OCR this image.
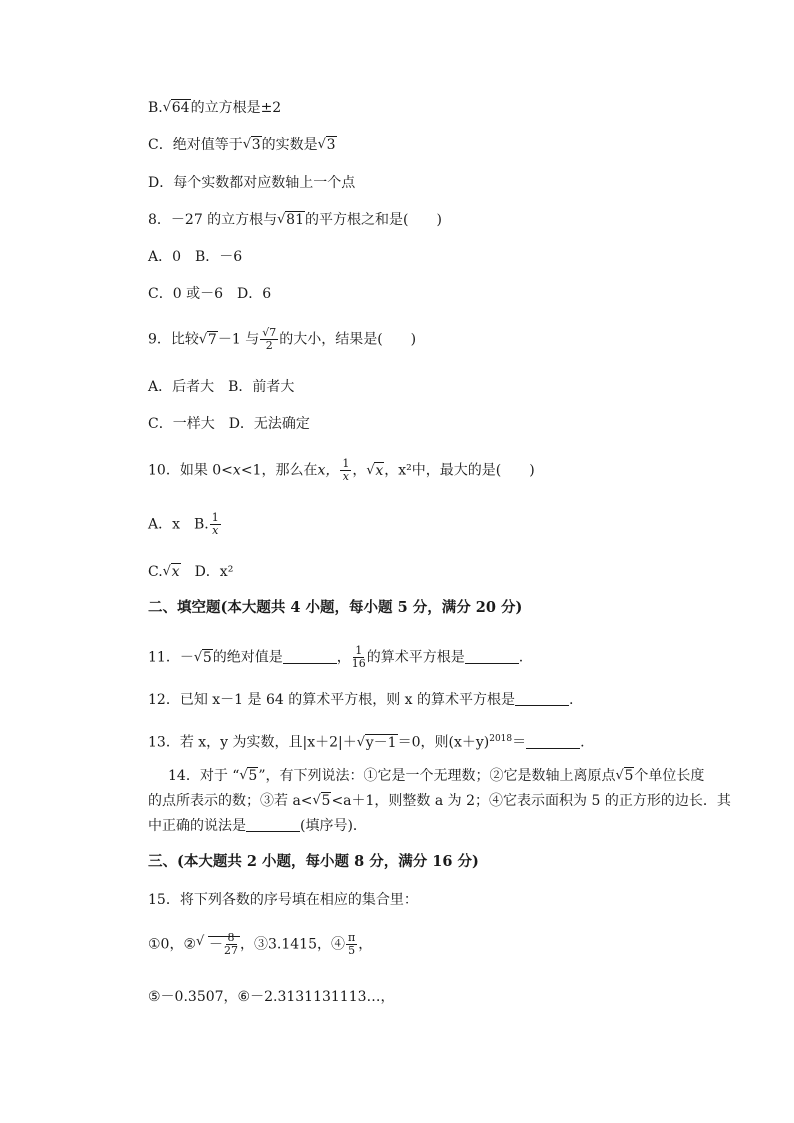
B. √ 64的立方根是±2
C．绝对值等于 √ 3的实数是 √ 3
D．每个实数都对应数轴上一个点
8．－27 的立方根与 √ 81的平方根之和是(　　)
A．0　B．－6
C．0 或－6　D．6
9．比较 √ 7－1 与 $\frac{√7}{2}$ 的大小，结果是(　　)
A．后者大　B．前者大
C．一样大　D．无法确定
10．如果 0<x<1，那么在x， $\frac{1}{x}$ ， √ x，x²中，最大的是(　　)
A．x　B. $\frac{1}{x}$
C. √ x　D．x²
二、填空题(本大题共 4 小题，每小题 5 分，满分 20 分)
11．－ √ 5的绝对值是	， $\frac{1}{16}$ 的算术平方根是	.
12．已知 x－1 是 64 的算术平方根，则 x 的算术平方根是	.
13．若 x，y 为实数，且|x＋2|＋ √ y－1＝0，则$(x+y)^{2018}=$	.
14．对于 “ √ 5”，有下列说法：①它是一个无理数；②它是数轴上离原点 √ 5个单位长度
的点所表示的数；③若 a< √ 5<a＋1，则整数 a 为 2；④它表示面积为 5 的正方形的边长．其
中正确的说法是	(填序号)．
三、(本大题共 2 小题，每小题 8 分，满分 16 分)
15．将下列各数的序号填在相应的集合里：
①0，② √ － $\frac{8}{27}$ ，③3.1415，④ $\frac{\pi}{5}$ ，
⑤－0.3507，⑥－2.3131131113…，
